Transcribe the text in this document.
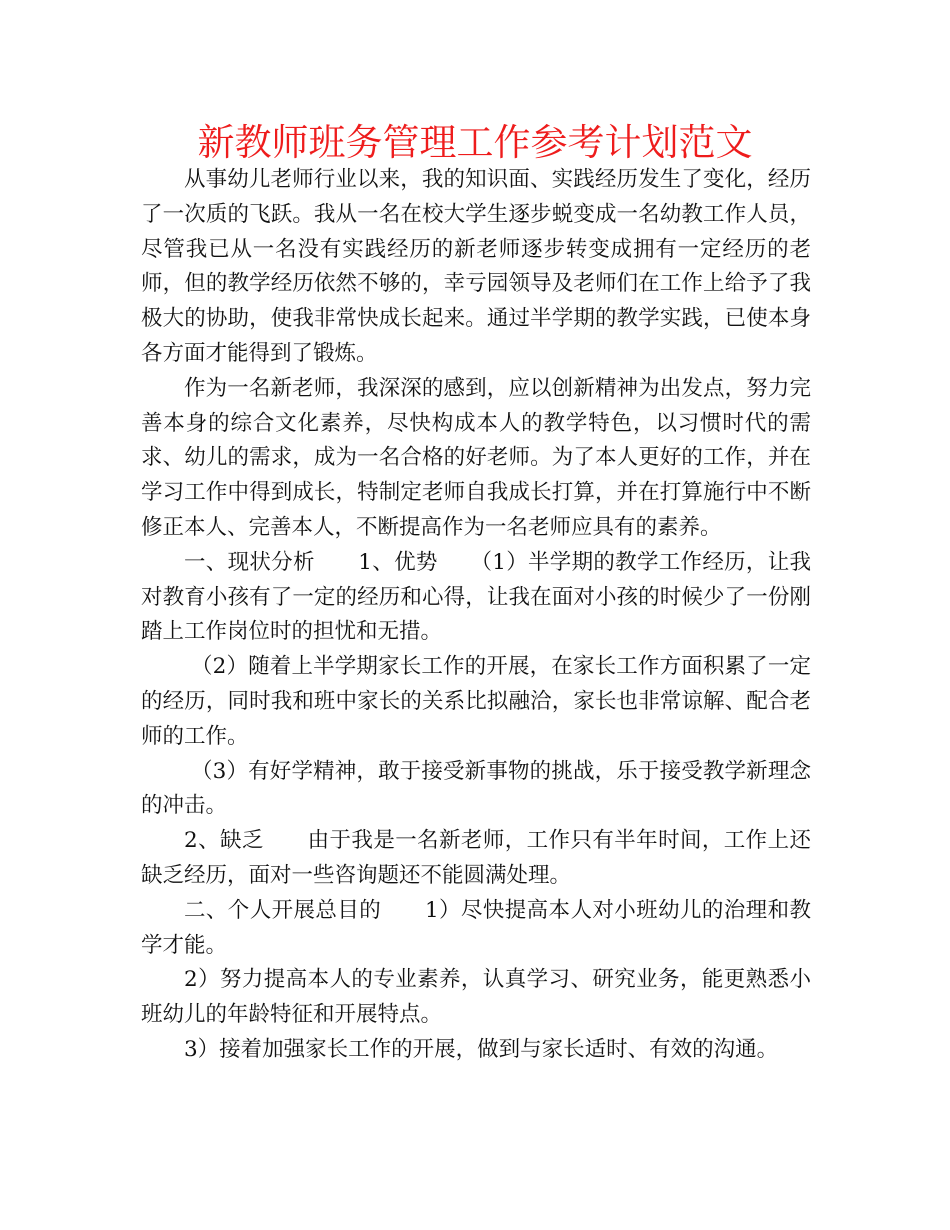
新教师班务管理工作参考计划范文

从事幼儿老师行业以来，我的知识面、实践经历发生了变化，经历了一次质的飞跃。我从一名在校大学生逐步蜕变成一名幼教工作人员，尽管我已从一名没有实践经历的新老师逐步转变成拥有一定经历的老师，但的教学经历依然不够的，幸亏园领导及老师们在工作上给予了我极大的协助，使我非常快成长起来。通过半学期的教学实践，已使本身各方面才能得到了锻炼。

作为一名新老师，我深深的感到，应以创新精神为出发点，努力完善本身的综合文化素养，尽快构成本人的教学特色，以习惯时代的需求、幼儿的需求，成为一名合格的好老师。为了本人更好的工作，并在学习工作中得到成长，特制定老师自我成长打算，并在打算施行中不断修正本人、完善本人，不断提高作为一名老师应具有的素养。

一、现状分析　　1、优势　　（1）半学期的教学工作经历，让我对教育小孩有了一定的经历和心得，让我在面对小孩的时候少了一份刚踏上工作岗位时的担忧和无措。

（2）随着上半学期家长工作的开展，在家长工作方面积累了一定的经历，同时我和班中家长的关系比拟融洽，家长也非常谅解、配合老师的工作。

（3）有好学精神，敢于接受新事物的挑战，乐于接受教学新理念的冲击。

2、缺乏　　由于我是一名新老师，工作只有半年时间，工作上还缺乏经历，面对一些咨询题还不能圆满处理。

二、个人开展总目的　　1）尽快提高本人对小班幼儿的治理和教学才能。

2）努力提高本人的专业素养，认真学习、研究业务，能更熟悉小班幼儿的年龄特征和开展特点。

3）接着加强家长工作的开展，做到与家长适时、有效的沟通。
